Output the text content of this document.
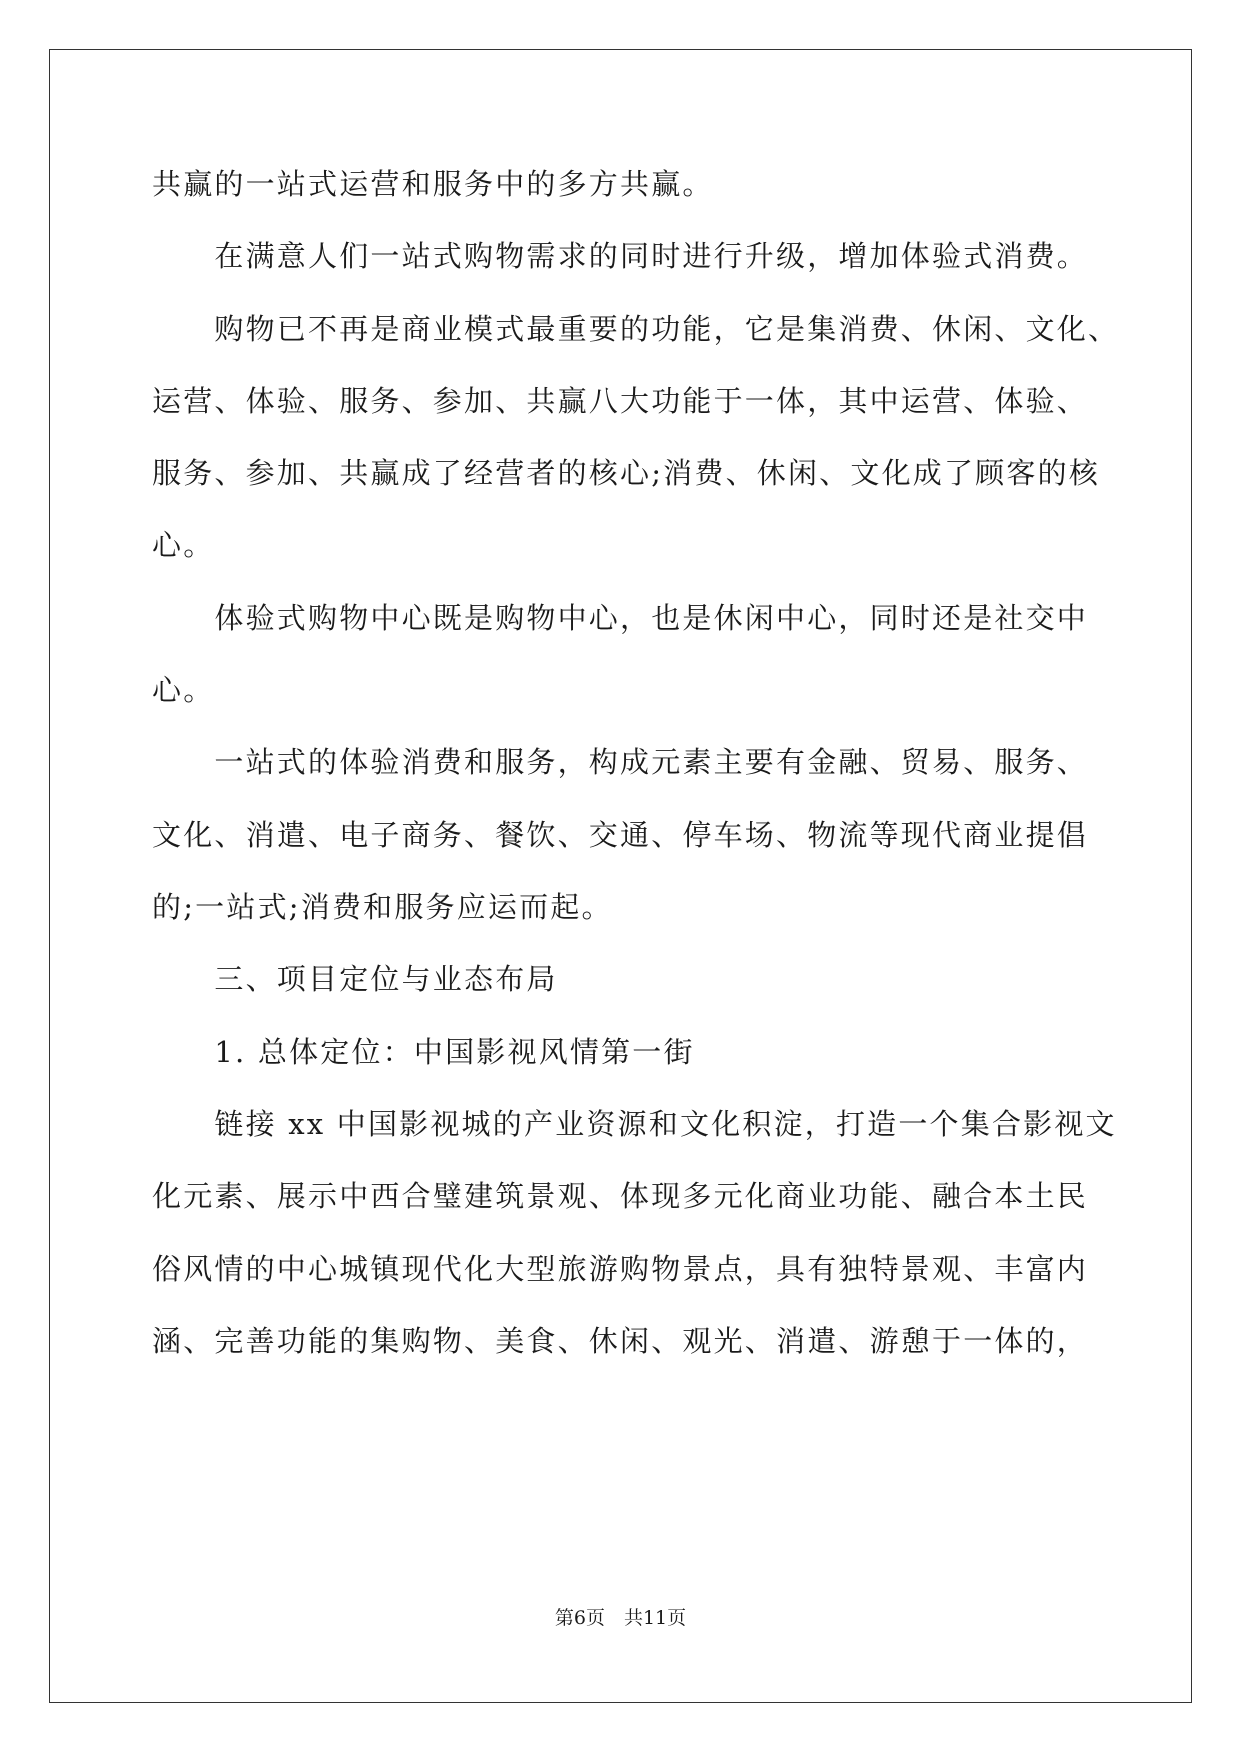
共赢的一站式运营和服务中的多方共赢。
　　在满意人们一站式购物需求的同时进行升级，增加体验式消费。
　　购物已不再是商业模式最重要的功能，它是集消费、休闲、文化、
运营、体验、服务、参加、共赢八大功能于一体，其中运营、体验、
服务、参加、共赢成了经营者的核心;消费、休闲、文化成了顾客的核
心。
　　体验式购物中心既是购物中心，也是休闲中心，同时还是社交中
心。
　　一站式的体验消费和服务，构成元素主要有金融、贸易、服务、
文化、消遣、电子商务、餐饮、交通、停车场、物流等现代商业提倡
的;一站式;消费和服务应运而起。
　　三、项目定位与业态布局
　　1. 总体定位：中国影视风情第一街
　　链接 xx 中国影视城的产业资源和文化积淀，打造一个集合影视文
化元素、展示中西合璧建筑景观、体现多元化商业功能、融合本土民
俗风情的中心城镇现代化大型旅游购物景点，具有独特景观、丰富内
涵、完善功能的集购物、美食、休闲、观光、消遣、游憩于一体的，
第6页　共11页
